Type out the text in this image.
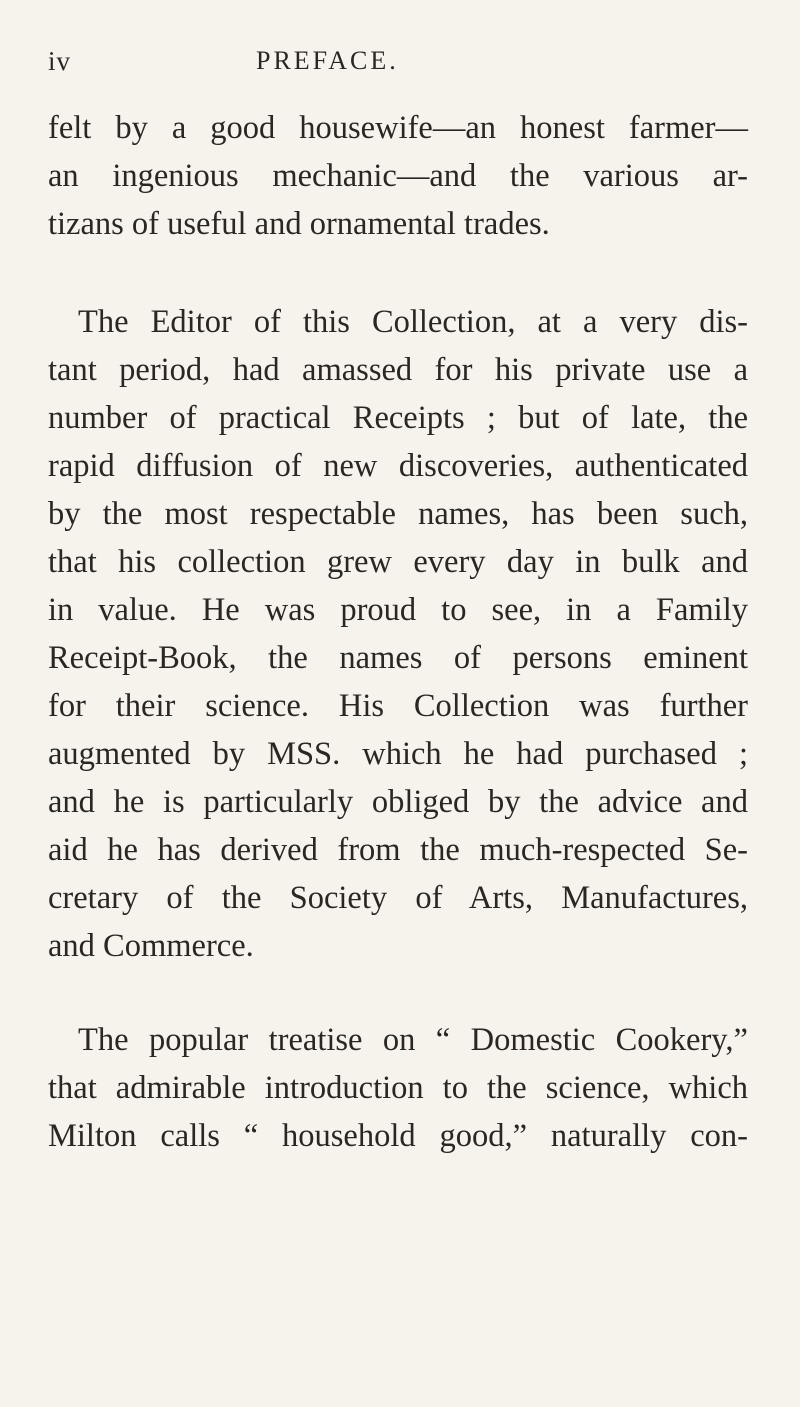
iv	PREFACE.
felt by a good housewife—an honest farmer—
an ingenious mechanic—and the various ar-
tizans of useful and ornamental trades.
The Editor of this Collection, at a very dis-
tant period, had amassed for his private use a
number of practical Receipts ; but of late, the
rapid diffusion of new discoveries, authenticated
by the most respectable names, has been such,
that his collection grew every day in bulk and
in value. He was proud to see, in a Family
Receipt-Book, the names of persons eminent
for their science. His Collection was further
augmented by MSS. which he had purchased ;
and he is particularly obliged by the advice and
aid he has derived from the much-respected Se-
cretary of the Society of Arts, Manufactures,
and Commerce.
The popular treatise on “ Domestic Cookery,”
that admirable introduction to the science, which
Milton calls “ household good,” naturally con-
